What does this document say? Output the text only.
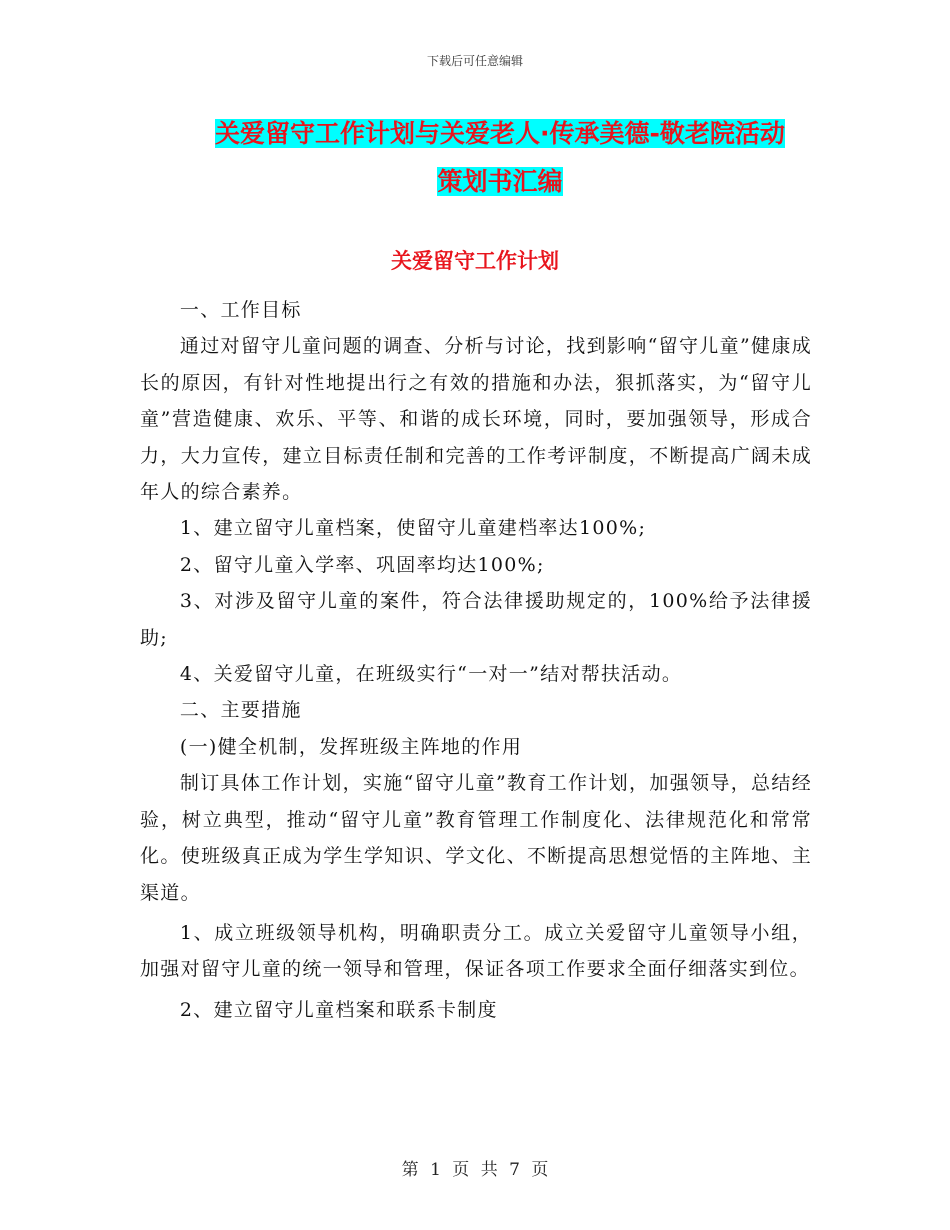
下载后可任意编辑
关爱留守工作计划与关爱老人·传承美德-敬老院活动
策划书汇编
关爱留守工作计划

一、工作目标

通过对留守儿童问题的调查、分析与讨论，找到影响“留守儿童”健康成长的原因，有针对性地提出行之有效的措施和办法，狠抓落实，为“留守儿童”营造健康、欢乐、平等、和谐的成长环境，同时，要加强领导，形成合力，大力宣传，建立目标责任制和完善的工作考评制度，不断提高广阔未成年人的综合素养。

1、建立留守儿童档案，使留守儿童建档率达100%;

2、留守儿童入学率、巩固率均达100%;

3、对涉及留守儿童的案件，符合法律援助规定的，100%给予法律援助;

4、关爱留守儿童，在班级实行“一对一”结对帮扶活动。

二、主要措施

(一)健全机制，发挥班级主阵地的作用

制订具体工作计划，实施“留守儿童”教育工作计划，加强领导，总结经验，树立典型，推动“留守儿童”教育管理工作制度化、法律规范化和常常化。使班级真正成为学生学知识、学文化、不断提高思想觉悟的主阵地、主渠道。

1、成立班级领导机构，明确职责分工。成立关爱留守儿童领导小组，加强对留守儿童的统一领导和管理，保证各项工作要求全面仔细落实到位。

2、建立留守儿童档案和联系卡制度

第 1 页 共 7 页
